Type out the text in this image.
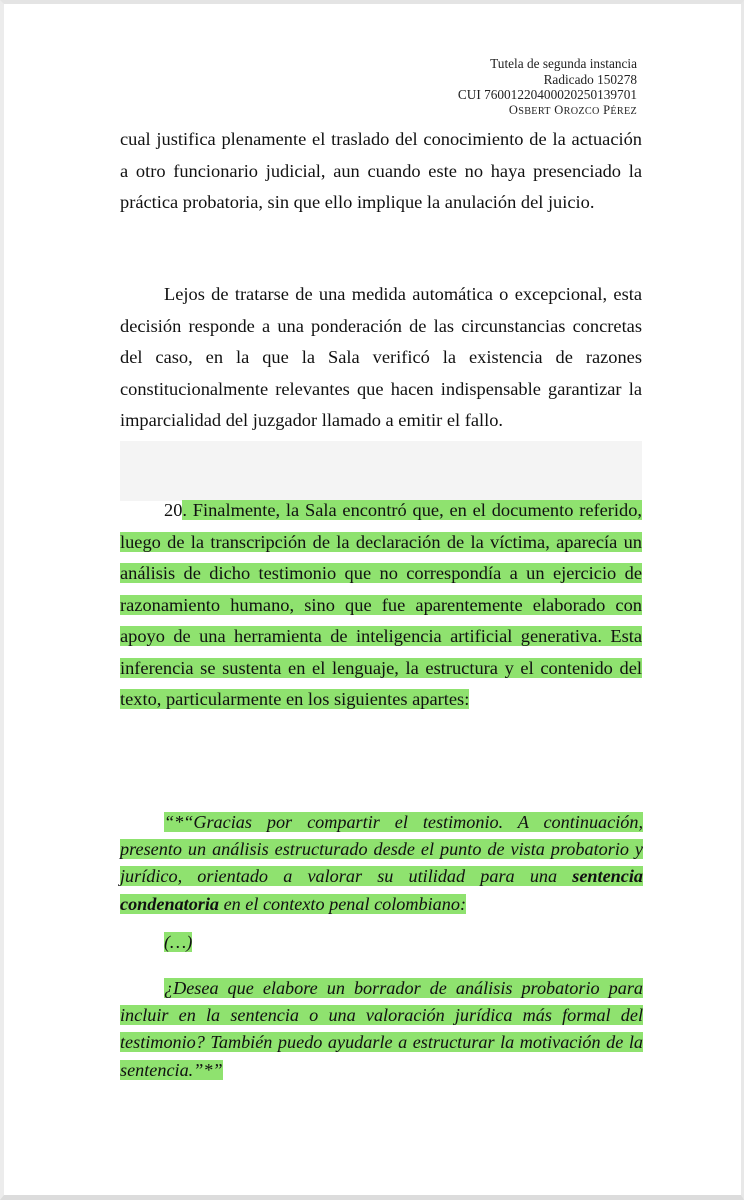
Tutela de segunda instancia
Radicado 150278
CUI 76001220400020250139701
OSBERT OROZCO PÉREZ

cual justifica plenamente el traslado del conocimiento de la actuación a otro funcionario judicial, aun cuando este no haya presenciado la práctica probatoria, sin que ello implique la anulación del juicio.

Lejos de tratarse de una medida automática o excepcional, esta decisión responde a una ponderación de las circunstancias concretas del caso, en la que la Sala verificó la existencia de razones constitucionalmente relevantes que hacen indispensable garantizar la imparcialidad del juzgador llamado a emitir el fallo.

20. Finalmente, la Sala encontró que, en el documento referido, luego de la transcripción de la declaración de la víctima, aparecía un análisis de dicho testimonio que no correspondía a un ejercicio de razonamiento humano, sino que fue aparentemente elaborado con apoyo de una herramienta de inteligencia artificial generativa. Esta inferencia se sustenta en el lenguaje, la estructura y el contenido del texto, particularmente en los siguientes apartes:

“*“Gracias por compartir el testimonio. A continuación, presento un análisis estructurado desde el punto de vista probatorio y jurídico, orientado a valorar su utilidad para una sentencia condenatoria en el contexto penal colombiano:

(…)

¿Desea que elabore un borrador de análisis probatorio para incluir en la sentencia o una valoración jurídica más formal del testimonio? También puedo ayudarle a estructurar la motivación de la sentencia.”*”
